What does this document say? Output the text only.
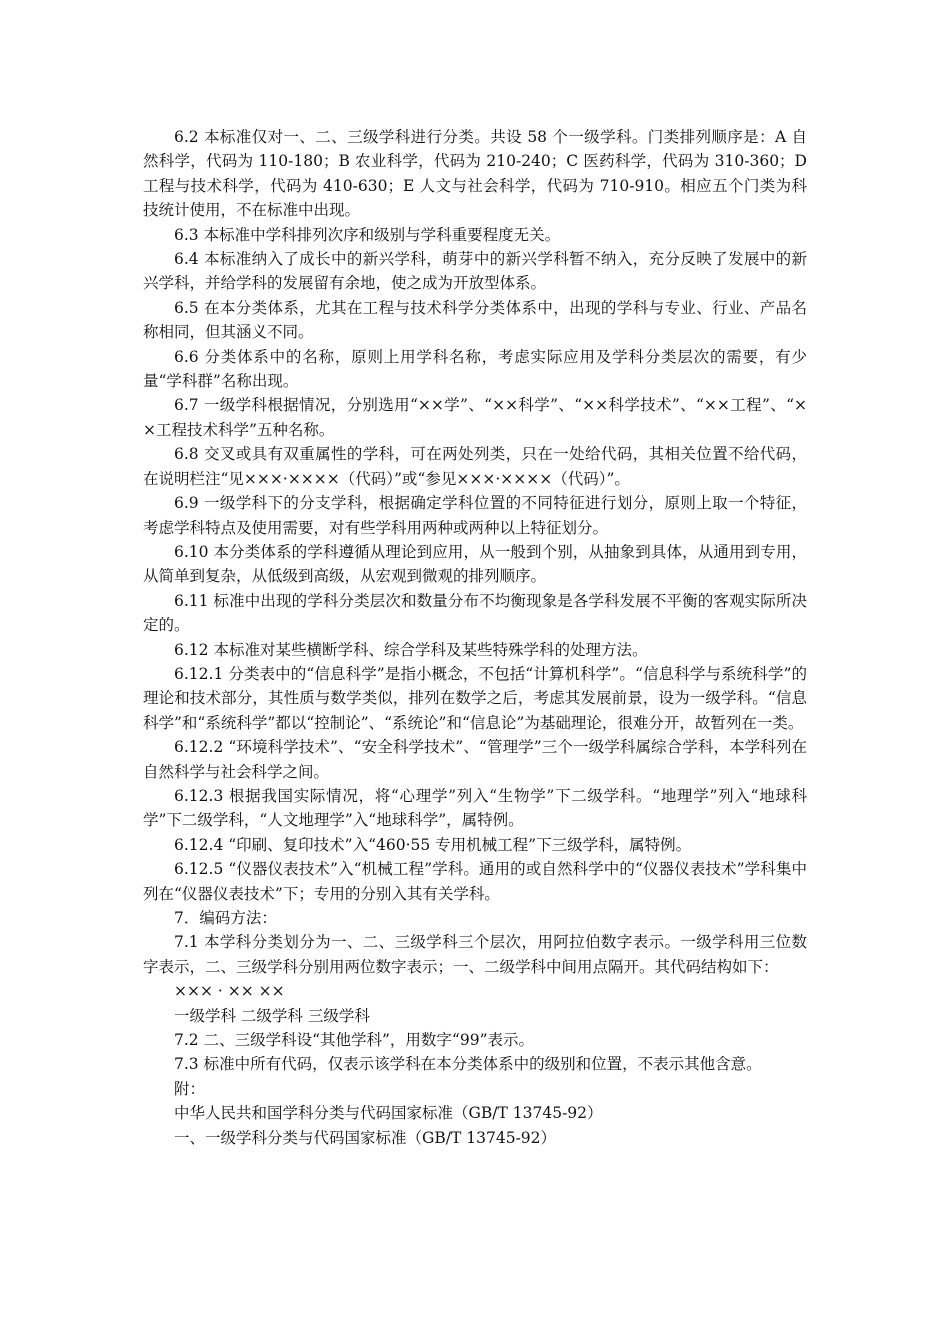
6.2 本标准仅对一、二、三级学科进行分类。共设 58 个一级学科。门类排列顺序是：A 自然科学，代码为 110-180；B 农业科学，代码为 210-240；C 医药科学，代码为 310-360；D 工程与技术科学，代码为 410-630；E 人文与社会科学，代码为 710-910。相应五个门类为科技统计使用，不在标准中出现。

6.3 本标准中学科排列次序和级别与学科重要程度无关。

6.4 本标准纳入了成长中的新兴学科，萌芽中的新兴学科暂不纳入，充分反映了发展中的新兴学科，并给学科的发展留有余地，使之成为开放型体系。

6.5 在本分类体系，尤其在工程与技术科学分类体系中，出现的学科与专业、行业、产品名称相同，但其涵义不同。

6.6 分类体系中的名称，原则上用学科名称，考虑实际应用及学科分类层次的需要，有少量“学科群”名称出现。

6.7 一级学科根据情况，分别选用“××学”、“××科学”、“××科学技术”、“××工程”、“××工程技术科学”五种名称。

6.8 交叉或具有双重属性的学科，可在两处列类，只在一处给代码，其相关位置不给代码，在说明栏注“见×××·××××（代码）”或“参见×××·××××（代码）”。

6.9 一级学科下的分支学科，根据确定学科位置的不同特征进行划分，原则上取一个特征，考虑学科特点及使用需要，对有些学科用两种或两种以上特征划分。

6.10 本分类体系的学科遵循从理论到应用，从一般到个别，从抽象到具体，从通用到专用，从简单到复杂，从低级到高级，从宏观到微观的排列顺序。

6.11 标准中出现的学科分类层次和数量分布不均衡现象是各学科发展不平衡的客观实际所决定的。

6.12 本标准对某些横断学科、综合学科及某些特殊学科的处理方法。

6.12.1 分类表中的“信息科学”是指小概念，不包括“计算机科学”。“信息科学与系统科学”的理论和技术部分，其性质与数学类似，排列在数学之后，考虑其发展前景，设为一级学科。“信息科学”和“系统科学”都以“控制论”、“系统论”和“信息论”为基础理论，很难分开，故暂列在一类。

6.12.2 “环境科学技术”、“安全科学技术”、“管理学”三个一级学科属综合学科，本学科列在自然科学与社会科学之间。

6.12.3 根据我国实际情况，将“心理学”列入“生物学”下二级学科。“地理学”列入“地球科学”下二级学科，“人文地理学”入“地球科学”，属特例。

6.12.4 “印刷、复印技术”入“460·55 专用机械工程”下三级学科，属特例。

6.12.5 “仪器仪表技术”入“机械工程”学科。通用的或自然科学中的“仪器仪表技术”学科集中列在“仪器仪表技术”下；专用的分别入其有关学科。

7．编码方法：

7.1 本学科分类划分为一、二、三级学科三个层次，用阿拉伯数字表示。一级学科用三位数字表示，二、三级学科分别用两位数字表示；一、二级学科中间用点隔开。其代码结构如下：

××× · ×× ××

一级学科 二级学科 三级学科

7.2 二、三级学科设“其他学科”，用数字“99”表示。

7.3 标准中所有代码，仅表示该学科在本分类体系中的级别和位置，不表示其他含意。

附：

中华人民共和国学科分类与代码国家标准（GB/T 13745-92）

一、一级学科分类与代码国家标准（GB/T 13745-92）
